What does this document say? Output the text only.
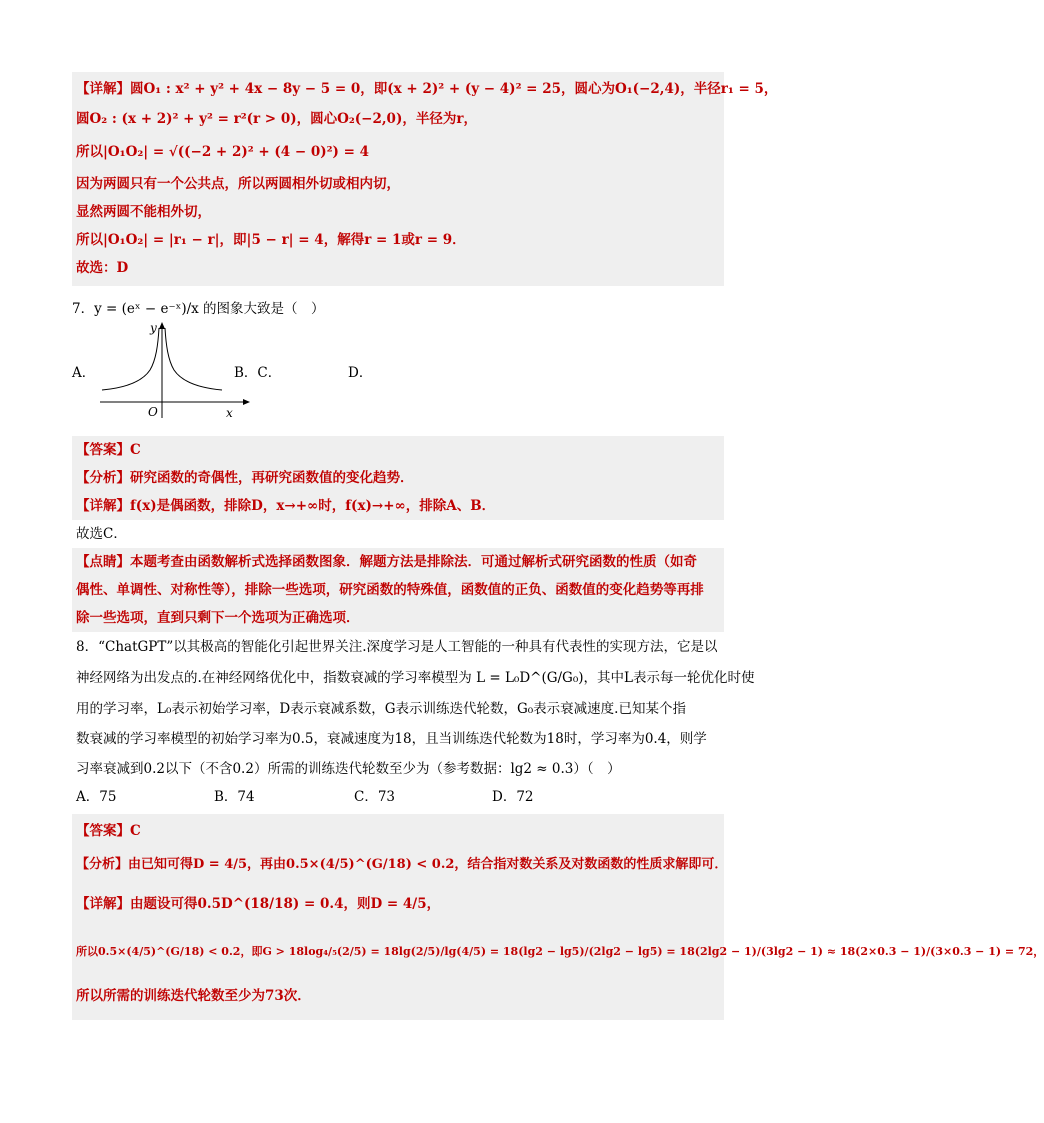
【详解】圆O₁ : x² + y² + 4x − 8y − 5 = 0，即(x + 2)² + (y − 4)² = 25，圆心为O₁(−2,4)，半径r₁ = 5，
圆O₂ : (x + 2)² + y² = r²(r > 0)，圆心O₂(−2,0)，半径为r，
所以|O₁O₂| = √((−2 + 2)² + (4 − 0)²) = 4
因为两圆只有一个公共点，所以两圆相外切或相内切，
显然两圆不能相外切，
所以|O₁O₂| = |r₁ − r|，即|5 − r| = 4，解得r = 1或r = 9．
故选：D
7．y = (eˣ − e⁻ˣ)/x 的图象大致是（　）
A．
y
x
O
B．C．	D．
【答案】C
【分析】研究函数的奇偶性，再研究函数值的变化趋势．
【详解】f(x)是偶函数，排除D，x→+∞时，f(x)→+∞，排除A、B．
故选C．
【点睛】本题考查由函数解析式选择函数图象．解题方法是排除法．可通过解析式研究函数的性质（如奇
偶性、单调性、对称性等），排除一些选项，研究函数的特殊值，函数值的正负、函数值的变化趋势等再排
除一些选项，直到只剩下一个选项为正确选项．
8．“ChatGPT”以其极高的智能化引起世界关注.深度学习是人工智能的一种具有代表性的实现方法，它是以
神经网络为出发点的.在神经网络优化中，指数衰减的学习率模型为 L = L₀D^(G/G₀)，其中L表示每一轮优化时使
用的学习率，L₀表示初始学习率，D表示衰减系数，G表示训练迭代轮数，G₀表示衰减速度.已知某个指
数衰减的学习率模型的初始学习率为0.5，衰减速度为18，且当训练迭代轮数为18时，学习率为0.4，则学
习率衰减到0.2以下（不含0.2）所需的训练迭代轮数至少为（参考数据：lg2 ≈ 0.3）（　）
A．75	B．74	C．73	D．72
【答案】C
【分析】由已知可得D = 4/5，再由0.5×(4/5)^(G/18) < 0.2，结合指对数关系及对数函数的性质求解即可．
【详解】由题设可得0.5D^(18/18) = 0.4，则D = 4/5，
所以0.5×(4/5)^(G/18) < 0.2，即G > 18log₄/₅(2/5) = 18lg(2/5)/lg(4/5) = 18(lg2 − lg5)/(2lg2 − lg5) = 18(2lg2 − 1)/(3lg2 − 1) ≈ 18(2×0.3 − 1)/(3×0.3 − 1) = 72，
所以所需的训练迭代轮数至少为73次．
